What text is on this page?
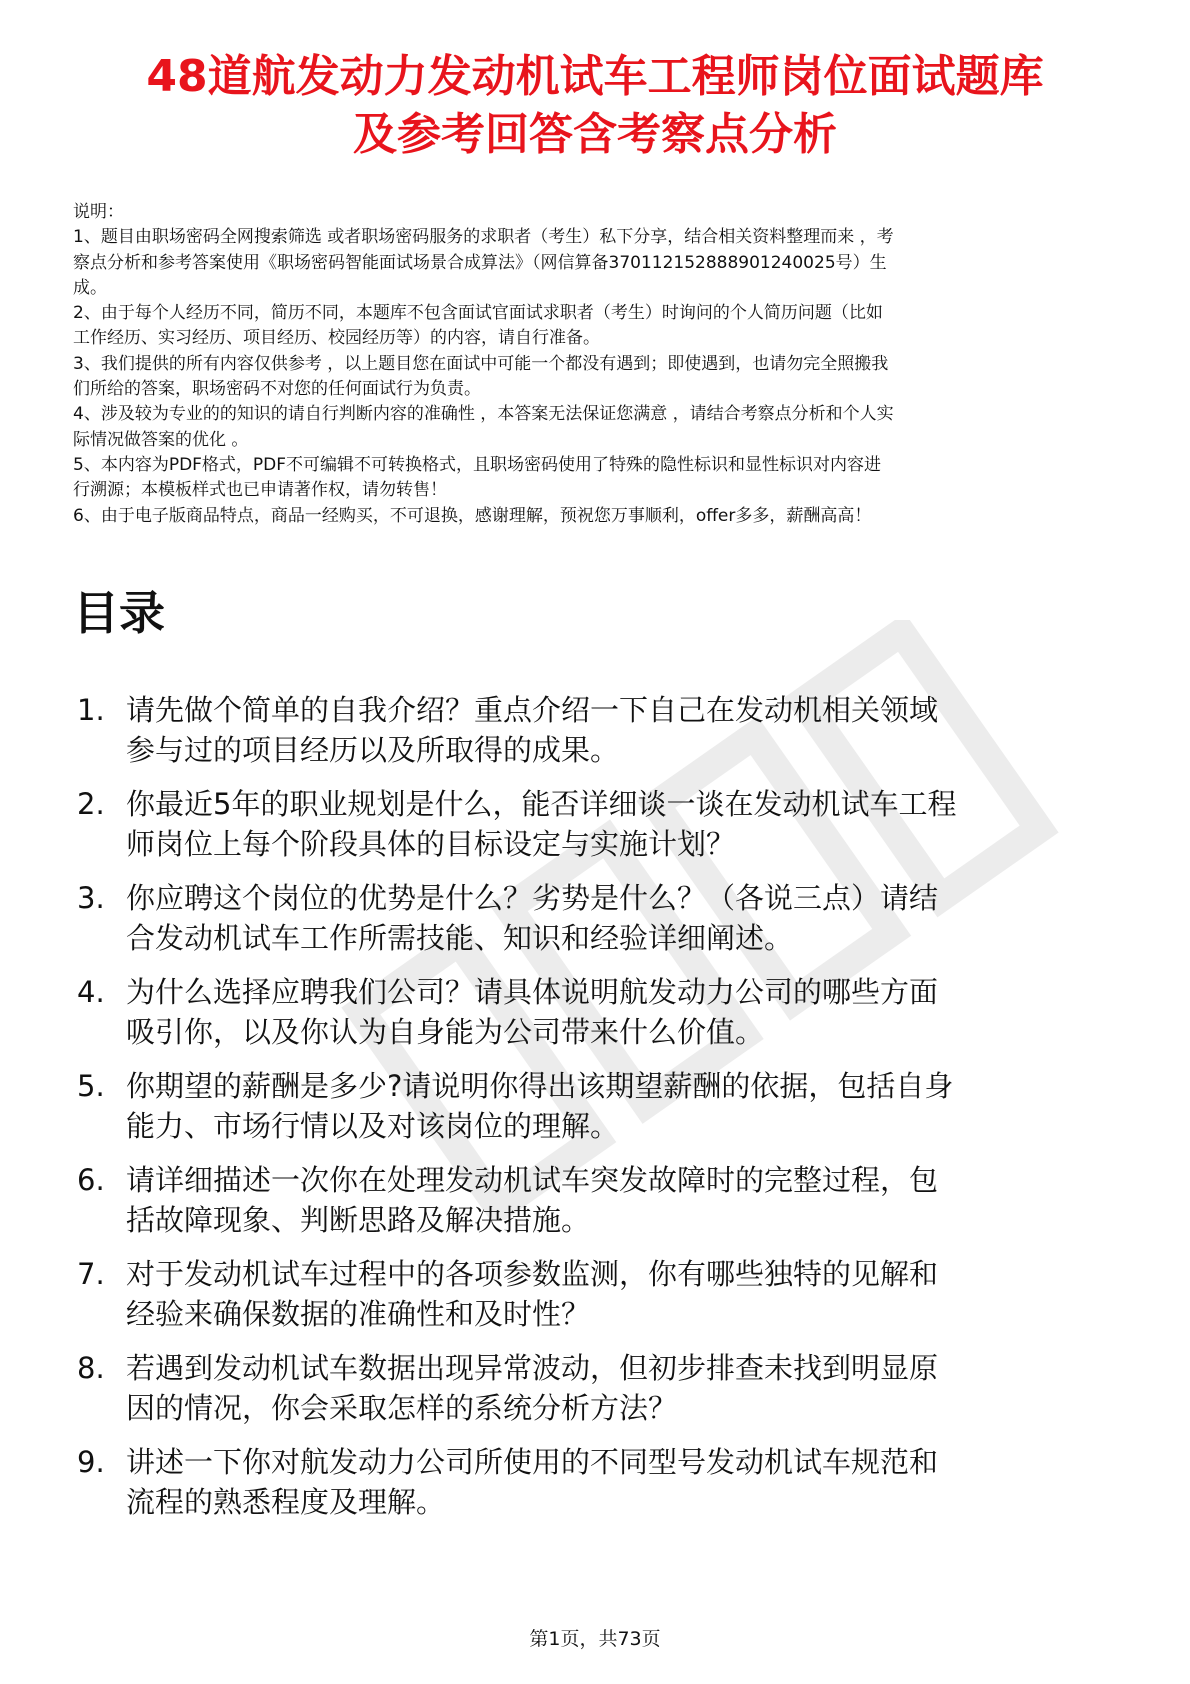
48道航发动力发动机试车工程师岗位面试题库
及参考回答含考察点分析
说明：
1、题目由职场密码全网搜索筛选 或者职场密码服务的求职者（考生）私下分享，结合相关资料整理而来 ，考
察点分析和参考答案使用《职场密码智能面试场景合成算法》（网信算备370112152888901240025号）生
成。
2、由于每个人经历不同，简历不同，本题库不包含面试官面试求职者（考生）时询问的个人简历问题（比如
工作经历、实习经历、项目经历、校园经历等）的内容，请自行准备。
3、我们提供的所有内容仅供参考 ，以上题目您在面试中可能一个都没有遇到；即使遇到，也请勿完全照搬我
们所给的答案，职场密码不对您的任何面试行为负责。
4、涉及较为专业的的知识的请自行判断内容的准确性 ，本答案无法保证您满意 ，请结合考察点分析和个人实
际情况做答案的优化 。
5、本内容为PDF格式，PDF不可编辑不可转换格式，且职场密码使用了特殊的隐性标识和显性标识对内容进
行溯源；本模板样式也已申请著作权，请勿转售！
6、由于电子版商品特点，商品一经购买，不可退换，感谢理解，预祝您万事顺利，offer多多，薪酬高高！
目录
1. 请先做个简单的自我介绍？重点介绍一下自己在发动机相关领域
参与过的项目经历以及所取得的成果。
2. 你最近5年的职业规划是什么，能否详细谈一谈在发动机试车工程
师岗位上每个阶段具体的目标设定与实施计划？
3. 你应聘这个岗位的优势是什么？劣势是什么？（各说三点）请结
合发动机试车工作所需技能、知识和经验详细阐述。
4. 为什么选择应聘我们公司？请具体说明航发动力公司的哪些方面
吸引你，以及你认为自身能为公司带来什么价值。
5. 你期望的薪酬是多少?请说明你得出该期望薪酬的依据，包括自身
能力、市场行情以及对该岗位的理解。
6. 请详细描述一次你在处理发动机试车突发故障时的完整过程，包
括故障现象、判断思路及解决措施。
7. 对于发动机试车过程中的各项参数监测，你有哪些独特的见解和
经验来确保数据的准确性和及时性？
8. 若遇到发动机试车数据出现异常波动，但初步排查未找到明显原
因的情况，你会采取怎样的系统分析方法？
9. 讲述一下你对航发动力公司所使用的不同型号发动机试车规范和
流程的熟悉程度及理解。
第1页，共73页
